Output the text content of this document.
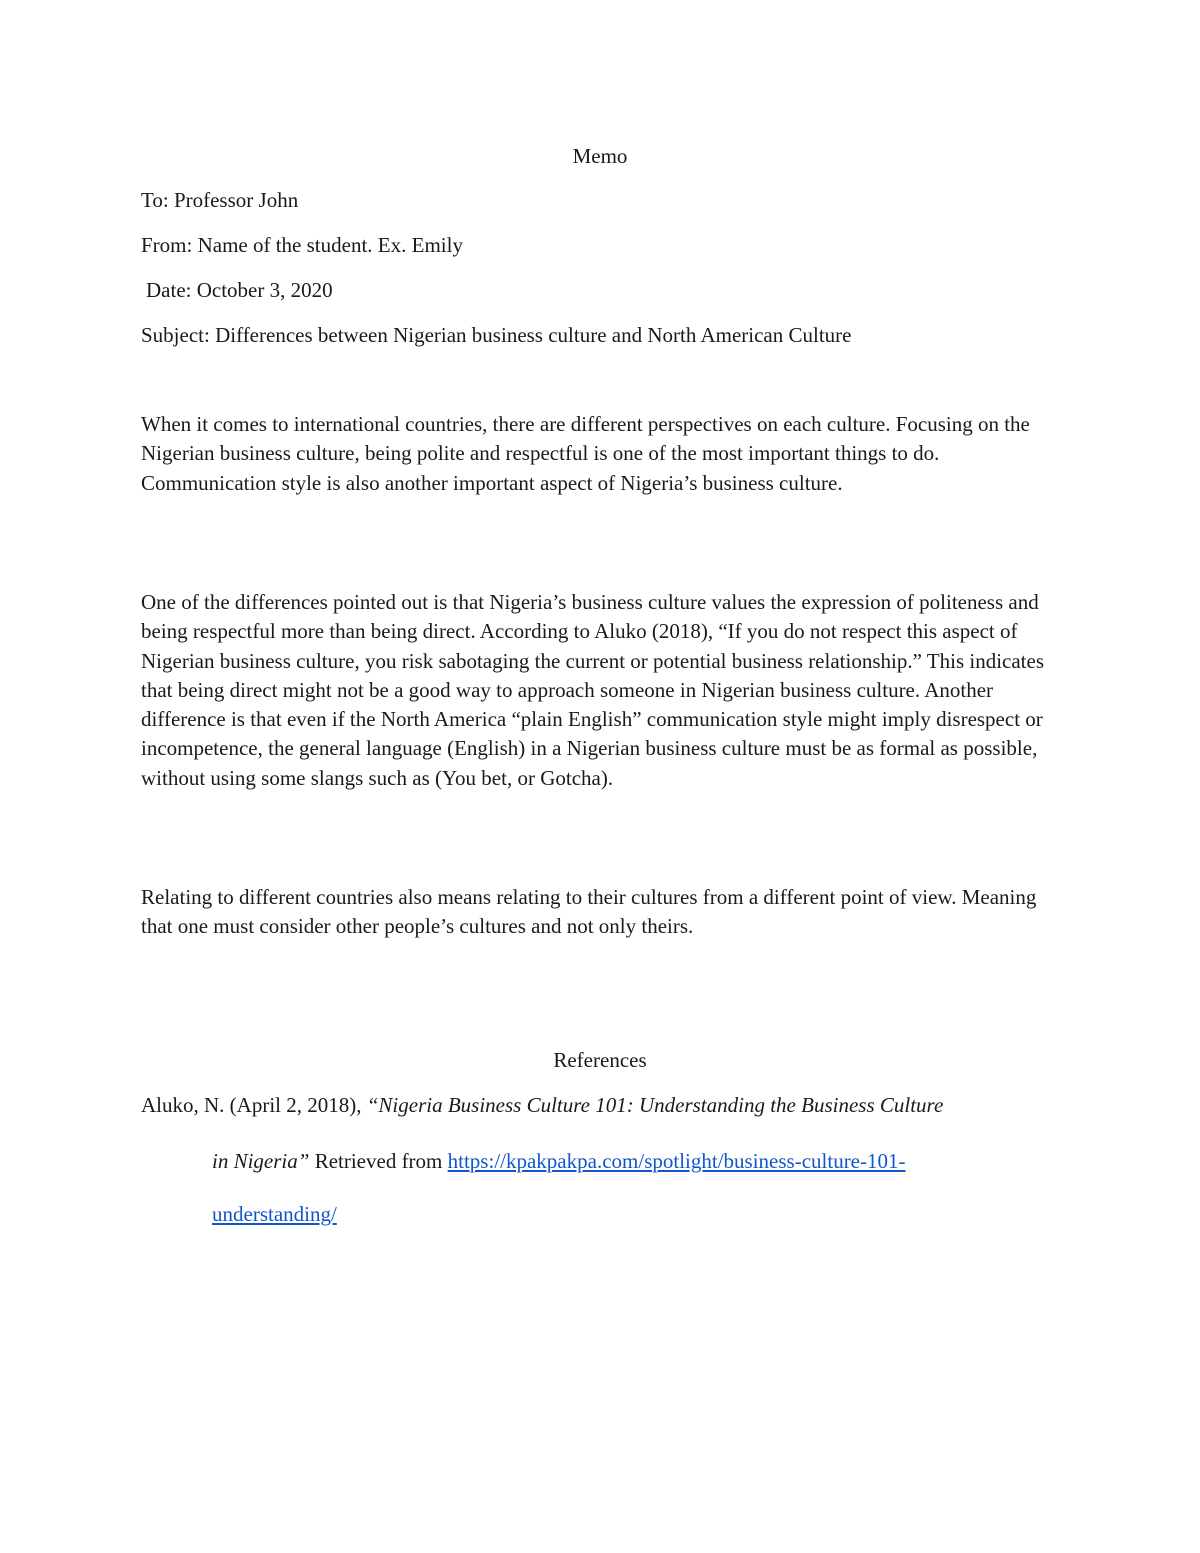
Memo

To: Professor John

From: Name of the student. Ex. Emily

Date: October 3, 2020

Subject: Differences between Nigerian business culture and North American Culture

When it comes to international countries, there are different perspectives on each culture. Focusing on the Nigerian business culture, being polite and respectful is one of the most important things to do. Communication style is also another important aspect of Nigeria’s business culture.

One of the differences pointed out is that Nigeria’s business culture values the expression of politeness and being respectful more than being direct. According to Aluko (2018), “If you do not respect this aspect of Nigerian business culture, you risk sabotaging the current or potential business relationship.” This indicates that being direct might not be a good way to approach someone in Nigerian business culture. Another difference is that even if the North America “plain English” communication style might imply disrespect or incompetence, the general language (English) in a Nigerian business culture must be as formal as possible, without using some slangs such as (You bet, or Gotcha).

Relating to different countries also means relating to their cultures from a different point of view. Meaning that one must consider other people’s cultures and not only theirs.

References

Aluko, N. (April 2, 2018), “Nigeria Business Culture 101: Understanding the Business Culture

in Nigeria” Retrieved from https://kpakpakpa.com/spotlight/business-culture-101-

understanding/
